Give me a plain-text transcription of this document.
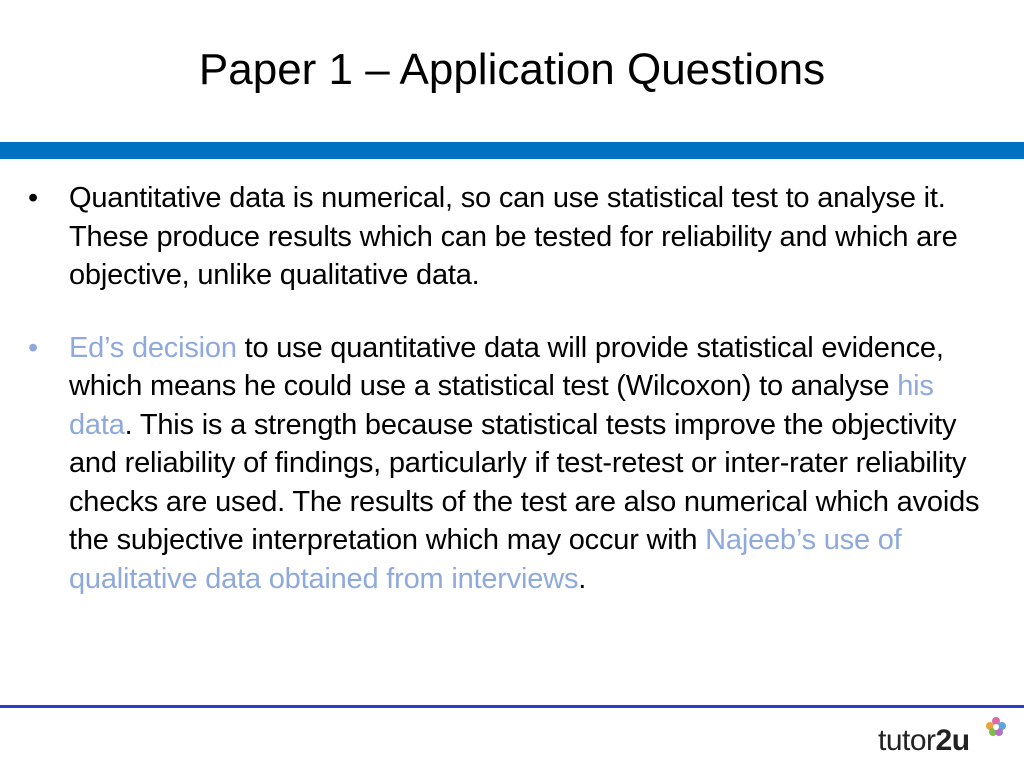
Paper 1 – Application Questions
•	Quantitative data is numerical, so can use statistical test to analyse it. These produce results which can be tested for reliability and which are objective, unlike qualitative data.
•	Ed’s decision to use quantitative data will provide statistical evidence, which means he could use a statistical test (Wilcoxon) to analyse his data. This is a strength because statistical tests improve the objectivity and reliability of findings, particularly if test-retest or inter-rater reliability checks are used. The results of the test are also numerical which avoids the subjective interpretation which may occur with Najeeb’s use of qualitative data obtained from interviews.
tutor2u
